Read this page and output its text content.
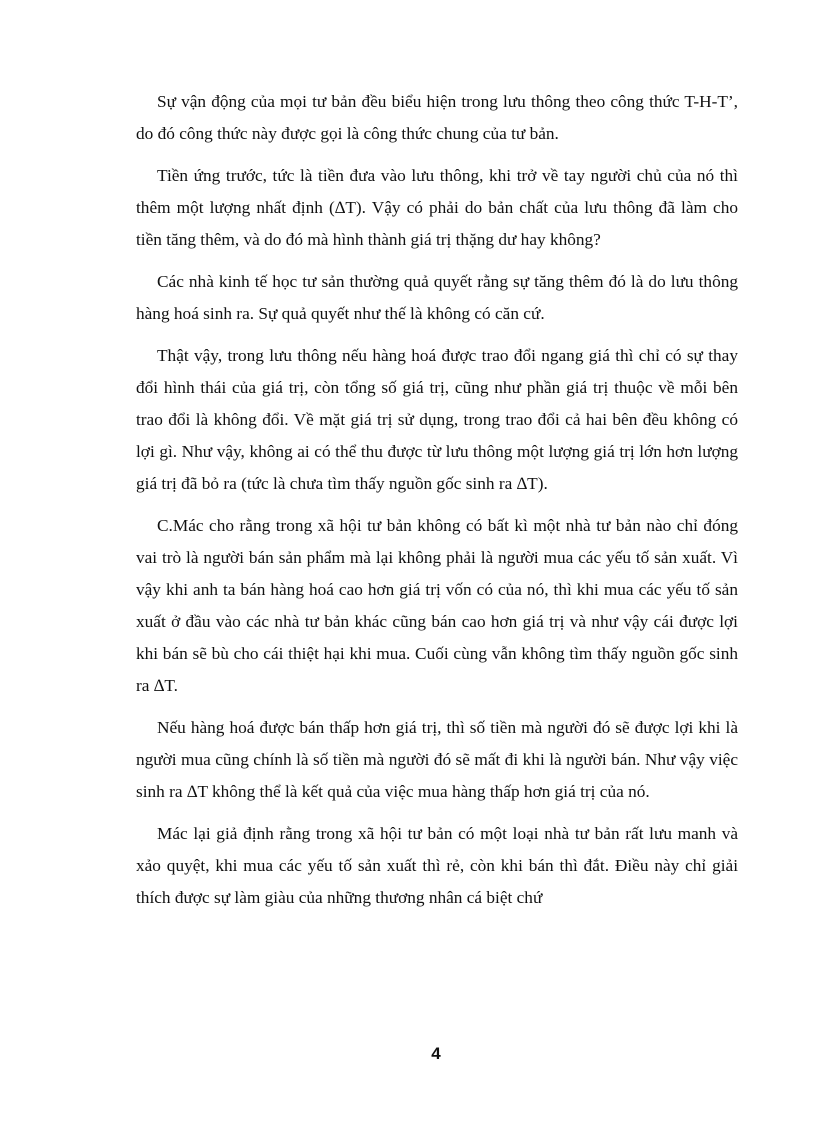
Sự vận động của mọi tư bản đều biểu hiện trong lưu thông theo công thức T-H-T’, do đó công thức này được gọi là công thức chung của tư bản.

Tiền ứng trước, tức là tiền đưa vào lưu thông, khi trở về tay người chủ của nó thì thêm một lượng nhất định (∆T). Vậy có phải do bản chất của lưu thông đã làm cho tiền tăng thêm, và do đó mà hình thành giá trị thặng dư hay không?

Các nhà kinh tế học tư sản thường quả quyết rằng sự tăng thêm đó là do lưu thông hàng hoá sinh ra. Sự quả quyết như thế là không có căn cứ.

Thật vậy, trong lưu thông nếu hàng hoá được trao đổi ngang giá thì chỉ có sự thay đổi hình thái của giá trị, còn tổng số giá trị, cũng như phần giá trị thuộc về mỗi bên trao đổi là không đổi. Về mặt giá trị sử dụng, trong trao đổi cả hai bên đều không có lợi gì. Như vậy, không ai có thể thu được từ lưu thông một lượng giá trị lớn hơn lượng giá trị đã bỏ ra (tức là chưa tìm thấy nguồn gốc sinh ra ∆T).

C.Mác cho rằng trong xã hội tư bản không có bất kì một nhà tư bản nào chỉ đóng vai trò là người bán sản phẩm mà lại không phải là người mua các yếu tố sản xuất. Vì vậy khi anh ta bán hàng hoá cao hơn giá trị vốn có của nó, thì khi mua các yếu tố sản xuất ở đầu vào các nhà tư bản khác cũng bán cao hơn giá trị và như vậy cái được lợi khi bán sẽ bù cho cái thiệt hại khi mua. Cuối cùng vẫn không tìm thấy nguồn gốc sinh ra ∆T.

Nếu hàng hoá được bán thấp hơn giá trị, thì số tiền mà người đó sẽ được lợi khi là người mua cũng chính là số tiền mà người đó sẽ mất đi khi là người bán. Như vậy việc sinh ra ∆T không thể là kết quả của việc mua hàng thấp hơn giá trị của nó.

Mác lại giả định rằng trong xã hội tư bản có một loại nhà tư bản rất lưu manh và xảo quyệt, khi mua các yếu tố sản xuất thì rẻ, còn khi bán thì đắt. Điều này chỉ giải thích được sự làm giàu của những thương nhân cá biệt chứ

4
